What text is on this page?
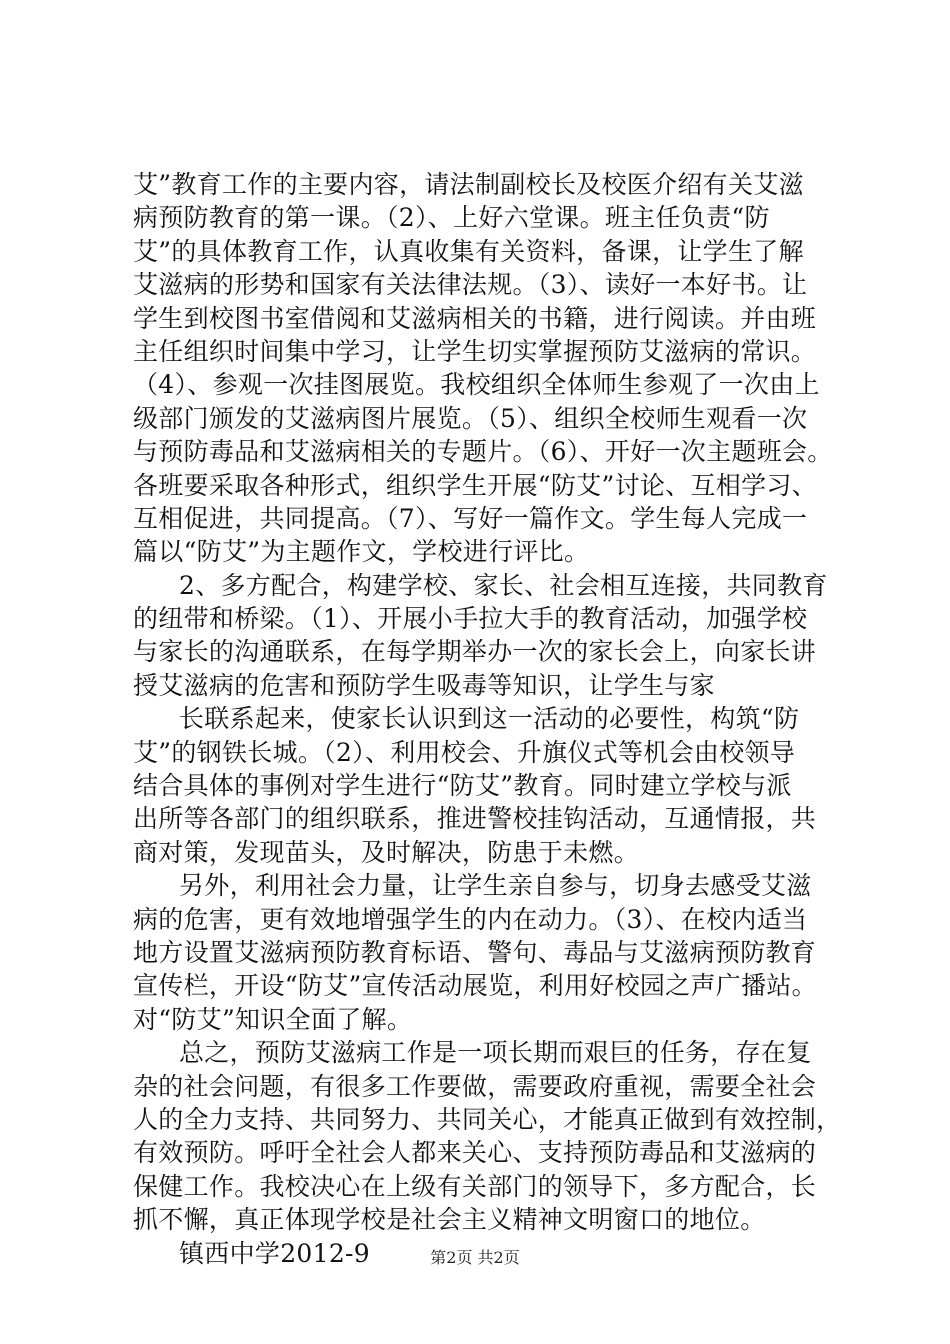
艾”教育工作的主要内容，请法制副校长及校医介绍有关艾滋
病预防教育的第一课。（2）、上好六堂课。班主任负责“防
艾”的具体教育工作，认真收集有关资料，备课，让学生了解
艾滋病的形势和国家有关法律法规。（3）、读好一本好书。让
学生到校图书室借阅和艾滋病相关的书籍，进行阅读。并由班
主任组织时间集中学习，让学生切实掌握预防艾滋病的常识。
（4）、参观一次挂图展览。我校组织全体师生参观了一次由上
级部门颁发的艾滋病图片展览。（5）、组织全校师生观看一次
与预防毒品和艾滋病相关的专题片。（6）、开好一次主题班会。
各班要采取各种形式，组织学生开展“防艾”讨论、互相学习、
互相促进，共同提高。（7）、写好一篇作文。学生每人完成一
篇以“防艾”为主题作文，学校进行评比。
2、多方配合，构建学校、家长、社会相互连接，共同教育
的纽带和桥梁。（1）、开展小手拉大手的教育活动，加强学校
与家长的沟通联系，在每学期举办一次的家长会上，向家长讲
授艾滋病的危害和预防学生吸毒等知识，让学生与家
长联系起来，使家长认识到这一活动的必要性，构筑“防
艾”的钢铁长城。（2）、利用校会、升旗仪式等机会由校领导
结合具体的事例对学生进行“防艾”教育。同时建立学校与派
出所等各部门的组织联系，推进警校挂钩活动，互通情报，共
商对策，发现苗头，及时解决，防患于未燃。
另外，利用社会力量，让学生亲自参与，切身去感受艾滋
病的危害，更有效地增强学生的内在动力。（3）、在校内适当
地方设置艾滋病预防教育标语、警句、毒品与艾滋病预防教育
宣传栏，开设“防艾”宣传活动展览，利用好校园之声广播站。
对“防艾”知识全面了解。
总之，预防艾滋病工作是一项长期而艰巨的任务，存在复
杂的社会问题，有很多工作要做，需要政府重视，需要全社会
人的全力支持、共同努力、共同关心，才能真正做到有效控制，
有效预防。呼吁全社会人都来关心、支持预防毒品和艾滋病的
保健工作。我校决心在上级有关部门的领导下，多方配合，长
抓不懈，真正体现学校是社会主义精神文明窗口的地位。
镇西中学2012-9	第2页 共2页
